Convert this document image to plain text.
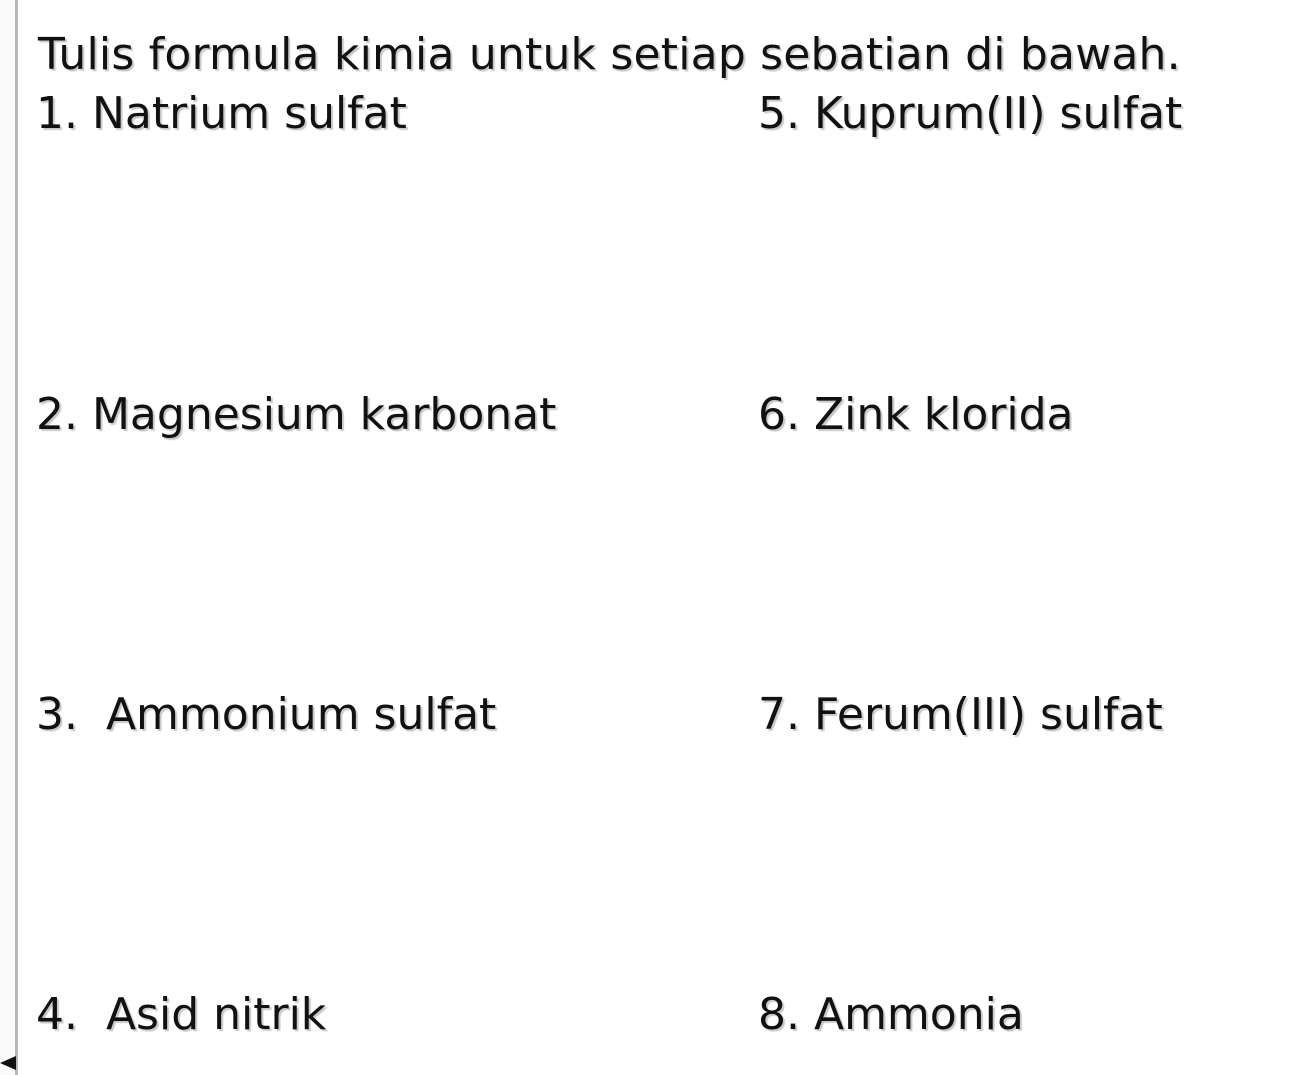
Tulis formula kimia untuk setiap sebatian di bawah.
1. Natrium sulfat
2. Magnesium karbonat
3.  Ammonium sulfat
4.  Asid nitrik
5. Kuprum(II) sulfat
6. Zink klorida
7. Ferum(III) sulfat
8. Ammonia
